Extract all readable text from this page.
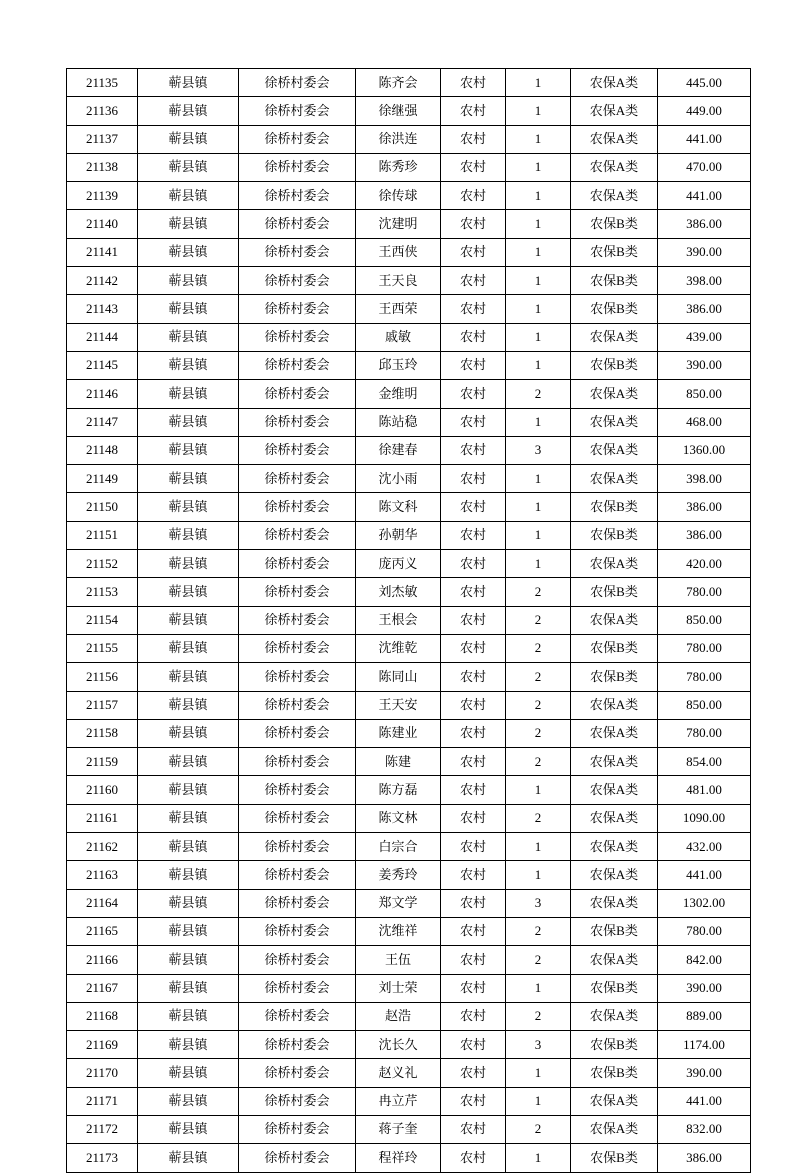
21135	蕲县镇	徐桥村委会	陈齐会	农村	1	农保A类	445.00
21136	蕲县镇	徐桥村委会	徐继强	农村	1	农保A类	449.00
21137	蕲县镇	徐桥村委会	徐洪连	农村	1	农保A类	441.00
21138	蕲县镇	徐桥村委会	陈秀珍	农村	1	农保A类	470.00
21139	蕲县镇	徐桥村委会	徐传球	农村	1	农保A类	441.00
21140	蕲县镇	徐桥村委会	沈建明	农村	1	农保B类	386.00
21141	蕲县镇	徐桥村委会	王西侠	农村	1	农保B类	390.00
21142	蕲县镇	徐桥村委会	王天良	农村	1	农保B类	398.00
21143	蕲县镇	徐桥村委会	王西荣	农村	1	农保B类	386.00
21144	蕲县镇	徐桥村委会	戚敏	农村	1	农保A类	439.00
21145	蕲县镇	徐桥村委会	邱玉玲	农村	1	农保B类	390.00
21146	蕲县镇	徐桥村委会	金维明	农村	2	农保A类	850.00
21147	蕲县镇	徐桥村委会	陈站稳	农村	1	农保A类	468.00
21148	蕲县镇	徐桥村委会	徐建春	农村	3	农保A类	1360.00
21149	蕲县镇	徐桥村委会	沈小雨	农村	1	农保A类	398.00
21150	蕲县镇	徐桥村委会	陈文科	农村	1	农保B类	386.00
21151	蕲县镇	徐桥村委会	孙朝华	农村	1	农保B类	386.00
21152	蕲县镇	徐桥村委会	庞丙义	农村	1	农保A类	420.00
21153	蕲县镇	徐桥村委会	刘杰敏	农村	2	农保B类	780.00
21154	蕲县镇	徐桥村委会	王根会	农村	2	农保A类	850.00
21155	蕲县镇	徐桥村委会	沈维乾	农村	2	农保B类	780.00
21156	蕲县镇	徐桥村委会	陈同山	农村	2	农保B类	780.00
21157	蕲县镇	徐桥村委会	王天安	农村	2	农保A类	850.00
21158	蕲县镇	徐桥村委会	陈建业	农村	2	农保A类	780.00
21159	蕲县镇	徐桥村委会	陈建	农村	2	农保A类	854.00
21160	蕲县镇	徐桥村委会	陈方磊	农村	1	农保A类	481.00
21161	蕲县镇	徐桥村委会	陈文林	农村	2	农保A类	1090.00
21162	蕲县镇	徐桥村委会	白宗合	农村	1	农保A类	432.00
21163	蕲县镇	徐桥村委会	姜秀玲	农村	1	农保A类	441.00
21164	蕲县镇	徐桥村委会	郑文学	农村	3	农保A类	1302.00
21165	蕲县镇	徐桥村委会	沈维祥	农村	2	农保B类	780.00
21166	蕲县镇	徐桥村委会	王伍	农村	2	农保A类	842.00
21167	蕲县镇	徐桥村委会	刘士荣	农村	1	农保B类	390.00
21168	蕲县镇	徐桥村委会	赵浩	农村	2	农保A类	889.00
21169	蕲县镇	徐桥村委会	沈长久	农村	3	农保B类	1174.00
21170	蕲县镇	徐桥村委会	赵义礼	农村	1	农保B类	390.00
21171	蕲县镇	徐桥村委会	冉立芹	农村	1	农保A类	441.00
21172	蕲县镇	徐桥村委会	蒋子奎	农村	2	农保A类	832.00
21173	蕲县镇	徐桥村委会	程祥玲	农村	1	农保B类	386.00
